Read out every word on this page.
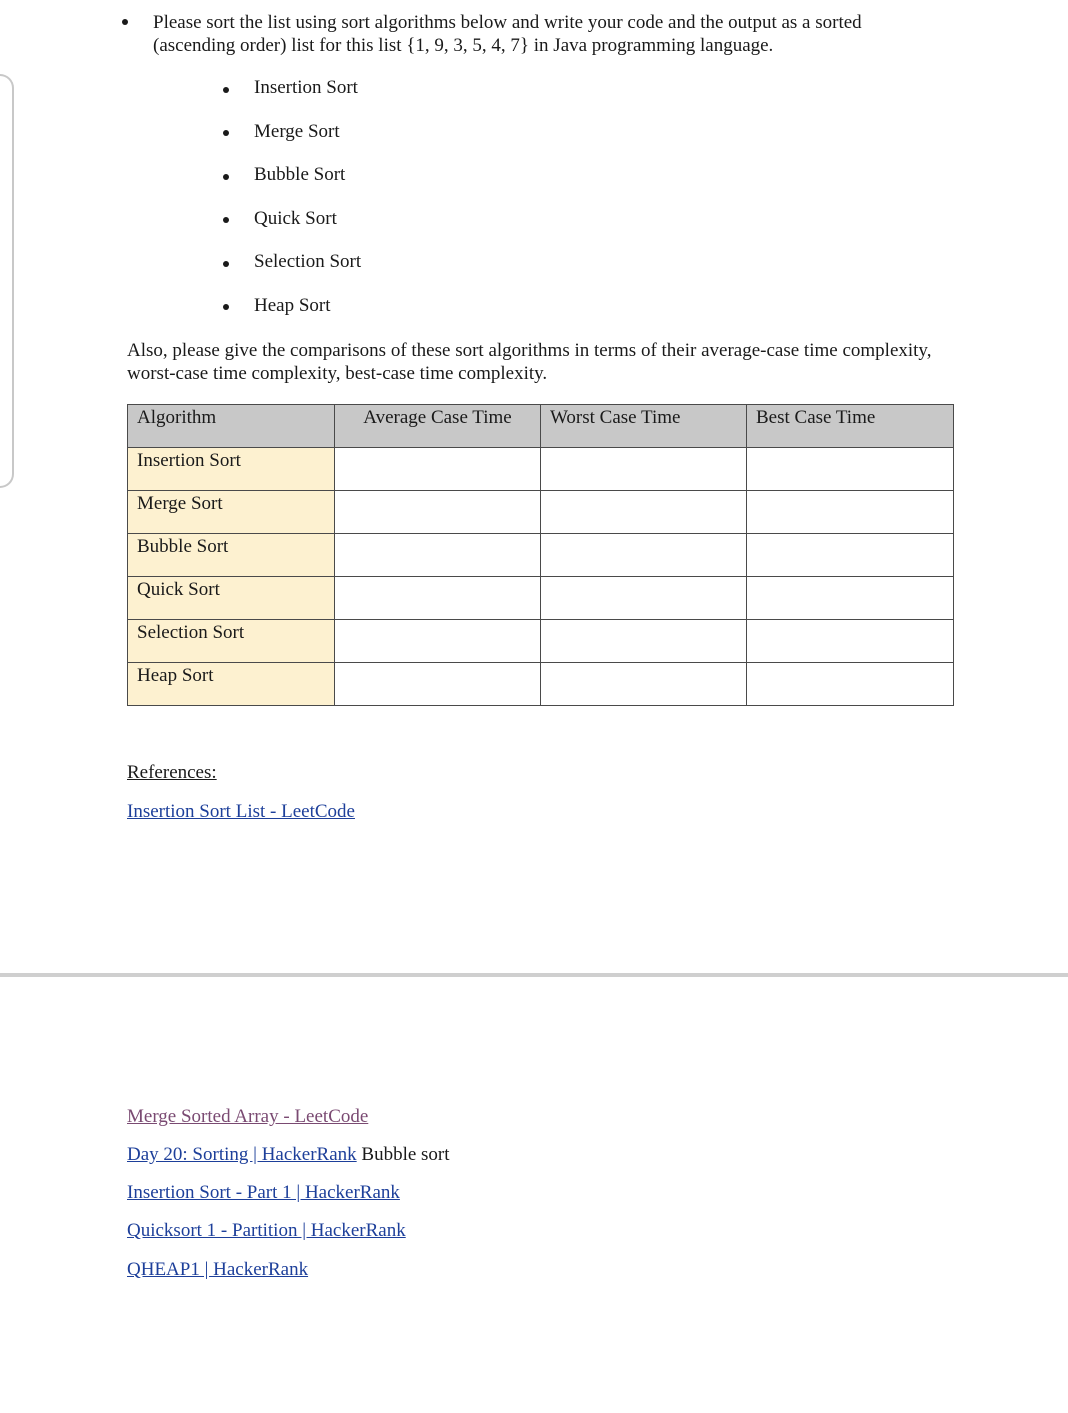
Please sort the list using sort algorithms below and write your code and the output as a sorted (ascending order) list for this list {1, 9, 3, 5, 4, 7} in Java programming language.
Insertion Sort
Merge Sort
Bubble Sort
Quick Sort
Selection Sort
Heap Sort
Also, please give the comparisons of these sort algorithms in terms of their average-case time complexity, worst-case time complexity, best-case time complexity.
Algorithm	Average Case Time	Worst Case Time	Best Case Time
Insertion Sort			
Merge Sort			
Bubble Sort			
Quick Sort			
Selection Sort			
Heap Sort			
References:
Insertion Sort List - LeetCode
Merge Sorted Array - LeetCode
Day 20: Sorting | HackerRank Bubble sort
Insertion Sort - Part 1 | HackerRank
Quicksort 1 - Partition | HackerRank
QHEAP1 | HackerRank
